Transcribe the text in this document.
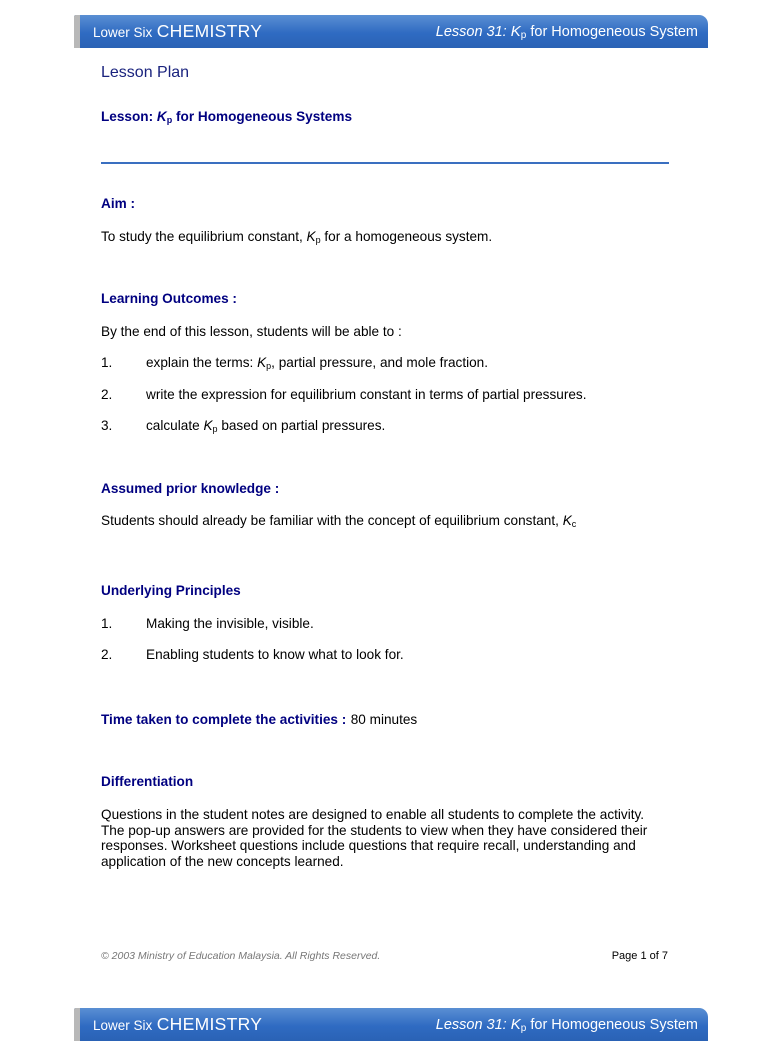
Lower Six CHEMISTRY	Lesson 31: $K_p$ for Homogeneous System
Lesson Plan
Lesson: $K_p$ for Homogeneous Systems
Aim :
To study the equilibrium constant, $K_p$ for a homogeneous system.
Learning Outcomes :
By the end of this lesson, students will be able to :
1. explain the terms: $K_p$, partial pressure, and mole fraction.
2. write the expression for equilibrium constant in terms of partial pressures.
3. calculate $K_p$ based on partial pressures.
Assumed prior knowledge :
Students should already be familiar with the concept of equilibrium constant, $K_c$
Underlying Principles
1. Making the invisible, visible.
2. Enabling students to know what to look for.
Time taken to complete the activities : 80 minutes
Differentiation
Questions in the student notes are designed to enable all students to complete the activity. The pop-up answers are provided for the students to view when they have considered their responses. Worksheet questions include questions that require recall, understanding and application of the new concepts learned.
© 2003 Ministry of Education Malaysia. All Rights Reserved.	Page 1 of 7
Lower Six CHEMISTRY	Lesson 31: $K_p$ for Homogeneous System
